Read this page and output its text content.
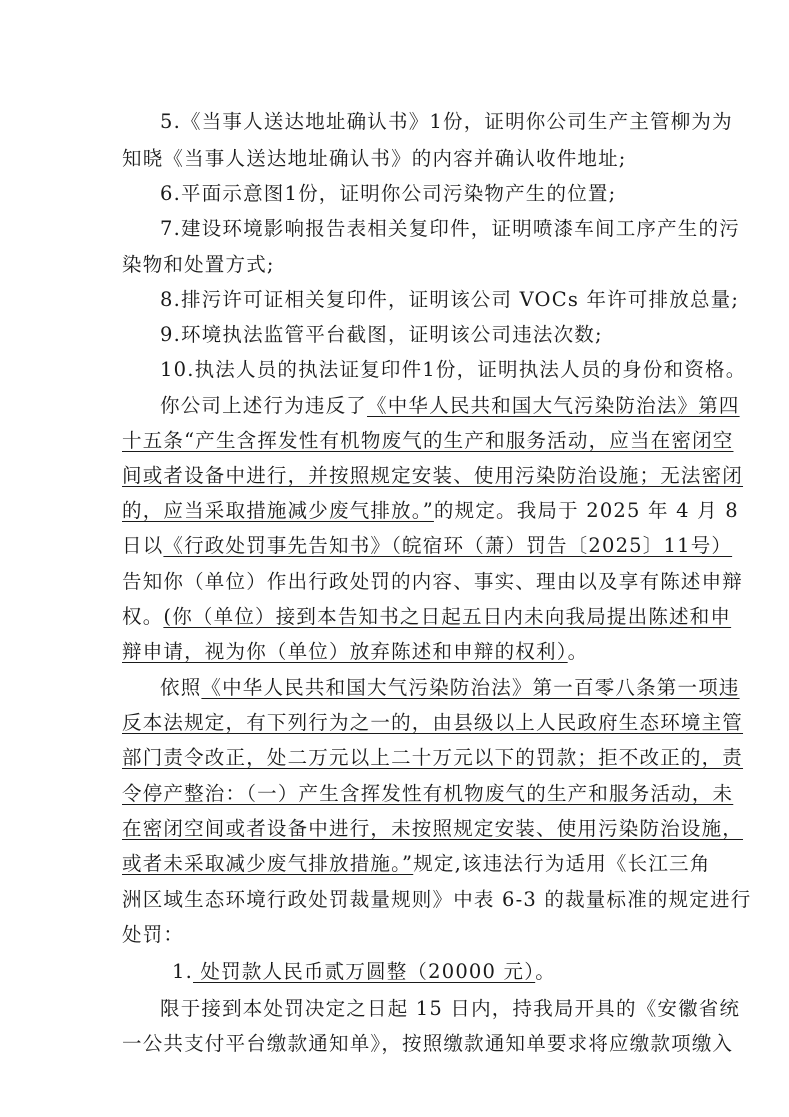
5.《当事人送达地址确认书》1份，证明你公司生产主管柳为为
知晓《当事人送达地址确认书》的内容并确认收件地址;
6.平面示意图1份，证明你公司污染物产生的位置;
7.建设环境影响报告表相关复印件，证明喷漆车间工序产生的污
染物和处置方式;
8.排污许可证相关复印件，证明该公司 VOCs 年许可排放总量;
9.环境执法监管平台截图，证明该公司违法次数;
10.执法人员的执法证复印件1份，证明执法人员的身份和资格。
你公司上述行为违反了《中华人民共和国大气污染防治法》第四
十五条“产生含挥发性有机物废气的生产和服务活动，应当在密闭空
间或者设备中进行，并按照规定安装、使用污染防治设施；无法密闭
的，应当采取措施减少废气排放。”的规定。我局于 2025 年 4 月 8
日以《行政处罚事先告知书》（皖宿环（萧）罚告〔2025〕11号）
告知你（单位）作出行政处罚的内容、事实、理由以及享有陈述申辩
权。(你（单位）接到本告知书之日起五日内未向我局提出陈述和申
辩申请，视为你（单位）放弃陈述和申辩的权利）。
依照《中华人民共和国大气污染防治法》第一百零八条第一项违
反本法规定，有下列行为之一的，由县级以上人民政府生态环境主管
部门责令改正，处二万元以上二十万元以下的罚款；拒不改正的，责
令停产整治：（一）产生含挥发性有机物废气的生产和服务活动，未
在密闭空间或者设备中进行，未按照规定安装、使用污染防治设施，
或者未采取减少废气排放措施。”规定,该违法行为适用《长江三角
洲区域生态环境行政处罚裁量规则》中表 6-3 的裁量标准的规定进行
处罚：
1. 处罚款人民币贰万圆整（20000 元）。
限于接到本处罚决定之日起 15 日内，持我局开具的《安徽省统
一公共支付平台缴款通知单》，按照缴款通知单要求将应缴款项缴入
